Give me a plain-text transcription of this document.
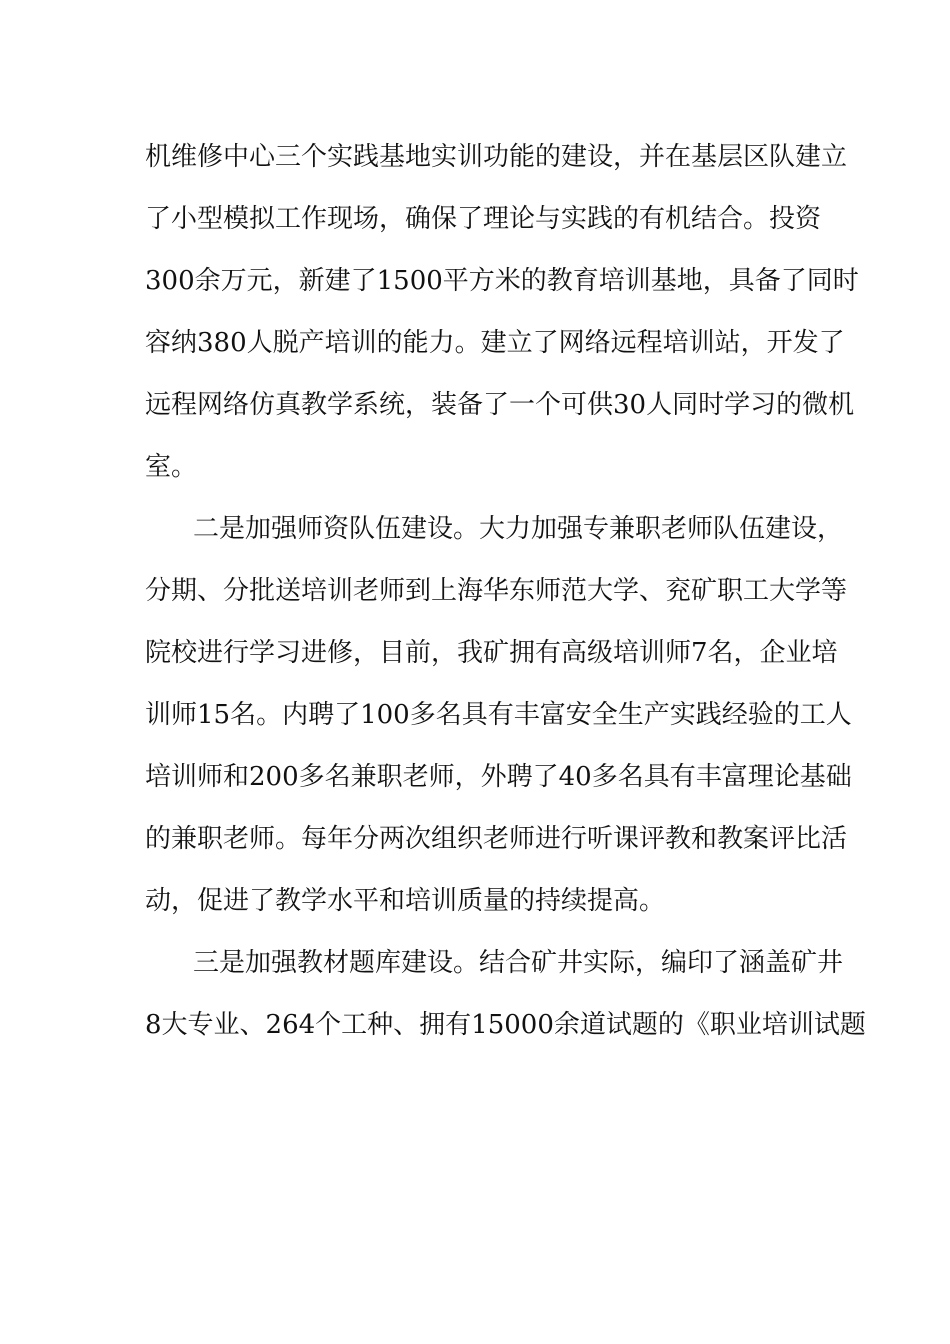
机维修中心三个实践基地实训功能的建设，并在基层区队建立
了小型模拟工作现场，确保了理论与实践的有机结合。投资
300余万元，新建了1500平方米的教育培训基地，具备了同时
容纳380人脱产培训的能力。建立了网络远程培训站，开发了
远程网络仿真教学系统，装备了一个可供30人同时学习的微机
室。

二是加强师资队伍建设。大力加强专兼职老师队伍建设，
分期、分批送培训老师到上海华东师范大学、兖矿职工大学等
院校进行学习进修，目前，我矿拥有高级培训师7名，企业培
训师15名。内聘了100多名具有丰富安全生产实践经验的工人
培训师和200多名兼职老师，外聘了40多名具有丰富理论基础
的兼职老师。每年分两次组织老师进行听课评教和教案评比活
动，促进了教学水平和培训质量的持续提高。

三是加强教材题库建设。结合矿井实际，编印了涵盖矿井
8大专业、264个工种、拥有15000余道试题的《职业培训试题
